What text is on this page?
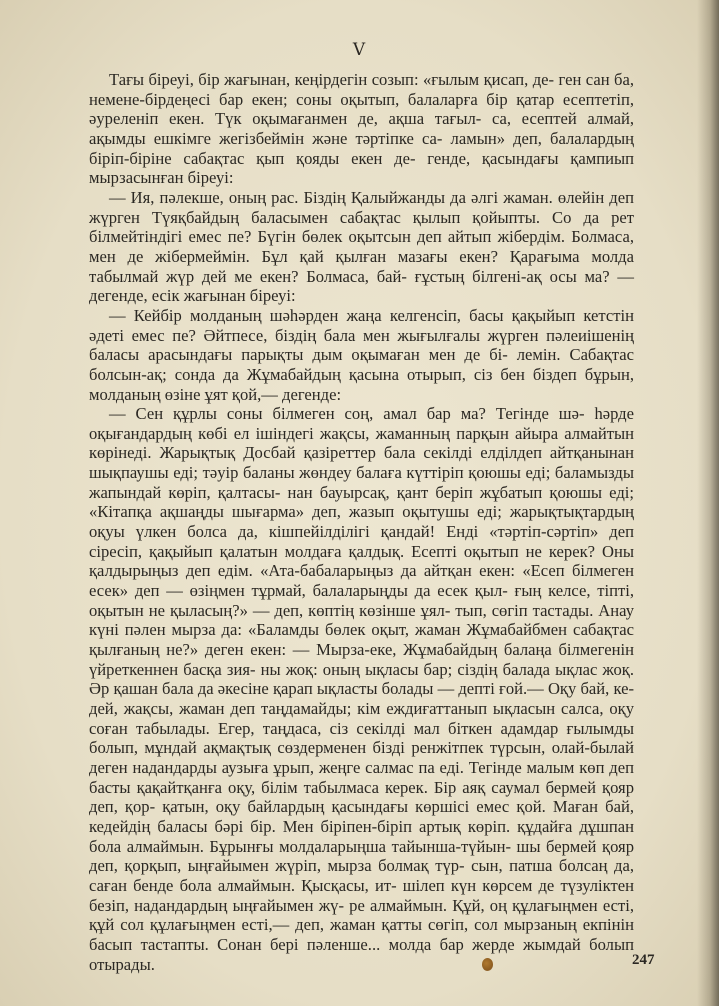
V

Тағы біреуі, бір жағынан, кеңірдегін созып: «ғылым қисап, де- ген сан ба, немене-бірдеңесі бар екен; соны оқытып, балаларға бір қатар есептетіп, әуреленіп екен. Түк оқымағанмен де, ақша тағыл- са, есептей алмай, ақымды ешкімге жегізбеймін және тәртіпке са- ламын» деп, балалардың біріп-біріне сабақтас қып қояды екен де- генде, қасындағы қампиып мырзасынған біреуі:

— Ия, пәлекше, оның рас. Біздің Қалыйжанды да әлгі жаман. өлейін деп жүрген Түяқбайдың баласымен сабақтас қылып қойыпты. Со да рет білмейтіндігі емес пе? Бүгін бөлек оқытсын деп айтып жібердім. Болмаса, мен де жібермеймін. Бұл қай қылған мазағы екен? Қарағыма молда табылмай жүр дей ме екен? Болмаса, бай- ғұстың білгені-ақ осы ма? — дегенде, есік жағынан біреуі:

— Кейбір молданың шәһәрден жаңа келгенсіп, басы қақыйып кетстін әдеті емес пе? Әйтпесе, біздің бала мен жығылғалы жүрген пәлеиішенің баласы арасындағы парықты дым оқымаған мен де бі- лемін. Сабақтас болсын-ақ; сонда да Жұмабайдың қасына отырып, сіз бен біздеп бұрын, молданың өзіне ұят қой,— дегенде:

— Сен құрлы соны білмеген соң, амал бар ма? Тегінде шә- һәрде оқығандардың көбі ел ішіндегі жақсы, жаманның парқын айыра алмайтын көрінеді. Жарықтық Досбай қазіреттер бала секілді елділдеп айтқанынан шықпаушы еді; тәуір баланы жөндеу балаға күттіріп қоюшы еді; баламызды жапындай көріп, қалтасы- нан бауырсақ, қант беріп жұбатып қоюшы еді; «Кітапқа ақшаңды шығарма» деп, жазып оқытушы еді; жарықтықтардың оқуы үлкен болса да, кішпейілділігі қандай! Енді «тәртіп-сәртіп» деп сіресіп, қақыйып қалатын молдаға қалдық. Есепті оқытып не керек? Оны қалдырыңыз деп едім. «Ата-бабаларыңыз да айтқан екен: «Есеп білмеген есек» деп — өзіңмен тұрмай, балаларыңды да есек қыл- ғың келсе, тіпті, оқытын не қыласың?» — деп, көптің көзінше ұял- тып, сөгіп тастады. Анау күні пәлен мырза да: «Баламды бөлек оқыт, жаман Жұмабайбмен сабақтас қылғаның не?» деген екен: — Мырза-еке, Жұмабайдың балаңа білмегенін үйреткеннен басқа зия- ны жоқ: оның ықласы бар; сіздің балада ықлас жоқ. Әр қашан бала да әкесіне қарап ықласты болады — депті ғой.— Оқу бай, ке- дей, жақсы, жаман деп таңдамайды; кім еждиғаттанып ықласын салса, оқу соған табылады. Егер, таңдаса, сіз секілді мал біткен адамдар ғылымды болып, мұндай ақмақтық сөздерменен бізді ренжітпек түрсын, олай-былай деген надандарды аузыға ұрып, жеңге салмас па еді. Тегінде малым көп деп басты қақайтқанға оқу, білім табылмаса керек. Бір аяқ саумал бермей қояр деп, қор- қатын, оқу байлардың қасындағы көршісі емес қой. Маған бай, кедейдің баласы бәрі бір. Мен біріпен-біріп артық көріп. құдайға дұшпан бола алмаймын. Бұрынғы молдаларыңша тайынша-түйын- шы бермей қояр деп, қорқып, ыңғайымен жүріп, мырза болмақ түр- сын, патша болсаң да, саған бенде бола алмаймын. Қысқасы, ит- шілеп күн көрсем де түзуліктен безіп, надандардың ыңғайымен жү- ре алмаймын. Құй, оң құлағыңмен есті, құй сол құлағыңмен есті,— деп, жаман қатты сөгіп, сол мырзаның екпінін басып тастапты. Сонан бері пәленше... молда бар жерде жымдай болып отырады.	247
